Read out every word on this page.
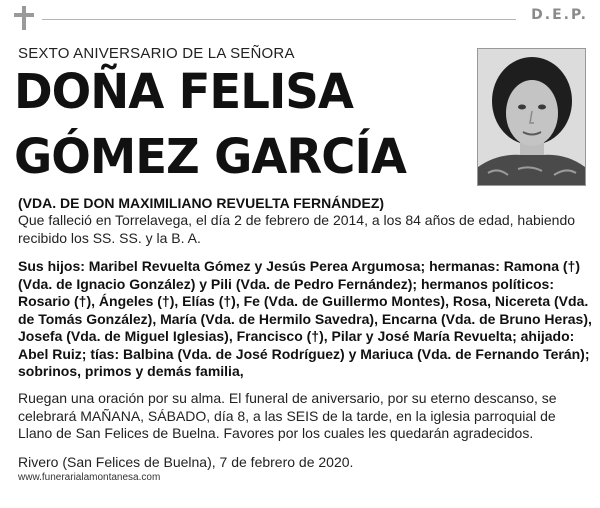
D.E.P.
SEXTO ANIVERSARIO DE LA SEÑORA
DOÑA FELISA
GÓMEZ GARCÍA
(VDA. DE DON MAXIMILIANO REVUELTA FERNÁNDEZ)
Que falleció en Torrelavega, el día 2 de febrero de 2014, a los 84 años de edad, habiendo recibido los SS. SS. y la B. A.
Sus hijos: Maribel Revuelta Gómez y Jesús Perea Argumosa; hermanas: Ramona (†) (Vda. de Ignacio González) y Pili (Vda. de Pedro Fernández); hermanos políticos: Rosario (†), Ángeles (†), Elías (†), Fe (Vda. de Guillermo Montes), Rosa, Nicereta (Vda. de Tomás González), María (Vda. de Hermilo Savedra), Encarna (Vda. de Bruno Heras), Josefa (Vda. de Miguel Iglesias), Francisco (†), Pilar y José María Revuelta; ahijado: Abel Ruiz; tías: Balbina (Vda. de José Rodríguez) y Mariuca (Vda. de Fernando Terán); sobrinos, primos y demás familia,
Ruegan una oración por su alma. El funeral de aniversario, por su eterno descanso, se celebrará MAÑANA, SÁBADO, día 8, a las SEIS de la tarde, en la iglesia parroquial de Llano de San Felices de Buelna. Favores por los cuales les quedarán agradecidos.
Rivero (San Felices de Buelna), 7 de febrero de 2020.
www.funerarialamontanesa.com
